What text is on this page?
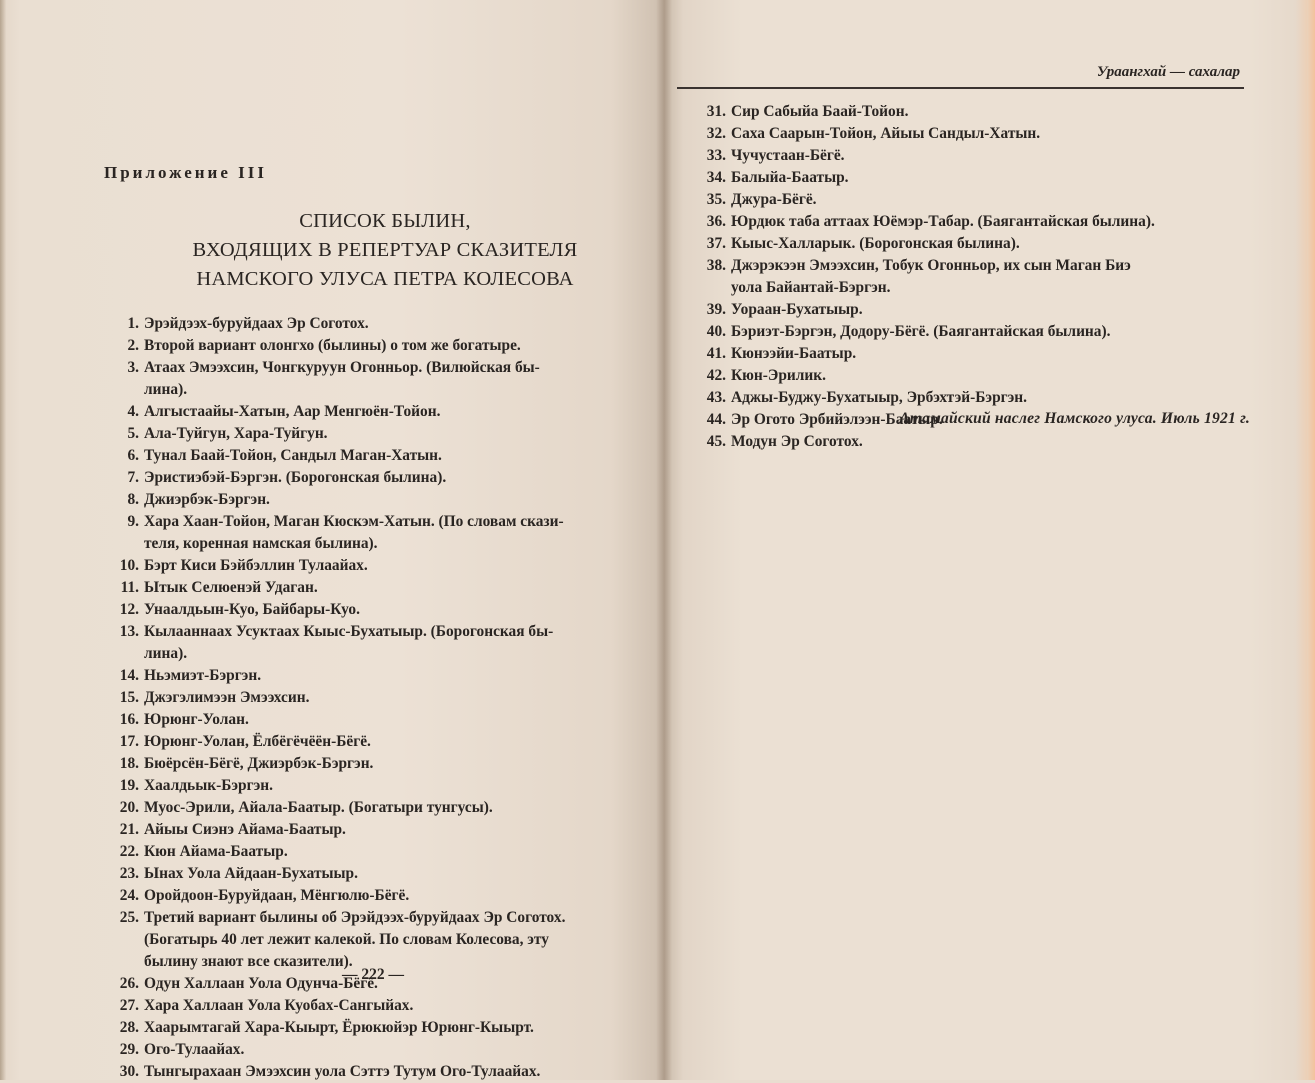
Приложение III
СПИСОК БЫЛИН,
ВХОДЯЩИХ В РЕПЕРТУАР СКАЗИТЕЛЯ
НАМСКОГО УЛУСА ПЕТРА КОЛЕСОВА
1. Эрэйдээх-буруйдаах Эр Соготох.
2. Второй вариант олонгхо (былины) о том же богатыре.
3. Атаах Эмээхсин, Чонгкуруун Огонньор. (Вилюйская бы-
лина).
4. Алгыстаайы-Хатын, Аар Менгюён-Тойон.
5. Ала-Туйгун, Хара-Туйгун.
6. Тунал Баай-Тойон, Сандыл Маган-Хатын.
7. Эристиэбэй-Бэргэн. (Борогонская былина).
8. Джиэрбэк-Бэргэн.
9. Хара Хаан-Тойон, Маган Кюскэм-Хатын. (По словам скази-
теля, коренная намская былина).
10. Бэрт Киси Бэйбэллин Тулаайах.
11. Ытык Селюенэй Удаган.
12. Унаалдьын-Куо, Байбары-Куо.
13. Кылааннаах Усуктаах Кыыс-Бухатыыр. (Борогонская бы-
лина).
14. Ньэмиэт-Бэргэн.
15. Джэгэлимээн Эмээхсин.
16. Юрюнг-Уолан.
17. Юрюнг-Уолан, Ёлбёгёчёён-Бёгё.
18. Бюёрсён-Бёгё, Джиэрбэк-Бэргэн.
19. Хаалдьык-Бэргэн.
20. Муос-Эрили, Айала-Баатыр. (Богатыри тунгусы).
21. Айыы Сиэнэ Айама-Баатыр.
22. Кюн Айама-Баатыр.
23. Ынах Уола Айдаан-Бухатыыр.
24. Оройдоон-Буруйдаан, Мёнгюлю-Бёгё.
25. Третий вариант былины об Эрэйдээх-буруйдаах Эр Соготох.
(Богатырь 40 лет лежит калекой. По словам Колесова, эту
былину знают все сказители).
26. Одун Халлаан Уола Одунча-Бёгё.
27. Хара Халлаан Уола Куобах-Сангыйах.
28. Хаарымтагай Хара-Кыырт, Ёрюкюйэр Юрюнг-Кыырт.
29. Ого-Тулаайах.
30. Тынгырахаан Эмээхсин уола Сэттэ Тутум Ого-Тулаайах.
— 222 —
Ураангхай — сахалар
31. Сир Сабыйа Баай-Тойон.
32. Саха Саарын-Тойон, Айыы Сандыл-Хатын.
33. Чучустаан-Бёгё.
34. Балыйа-Баатыр.
35. Джура-Бёгё.
36. Юрдюк таба аттаах Юёмэр-Табар. (Баягантайская былина).
37. Кыыс-Халларык. (Борогонская былина).
38. Джэрэкээн Эмээхсин, Тобук Огонньор, их сын Маган Биэ
уола Байантай-Бэргэн.
39. Уораан-Бухатыыр.
40. Бэриэт-Бэргэн, Додору-Бёгё. (Баягантайская былина).
41. Кюнээйи-Баатыр.
42. Кюн-Эрилик.
43. Аджы-Буджу-Бухатыыр, Эрбэхтэй-Бэргэн.
44. Эр Огото Эрбийэлээн-Баатыр.
45. Модун Эр Соготох.
Атамайский наслег Намского улуса. Июль 1921 г.
